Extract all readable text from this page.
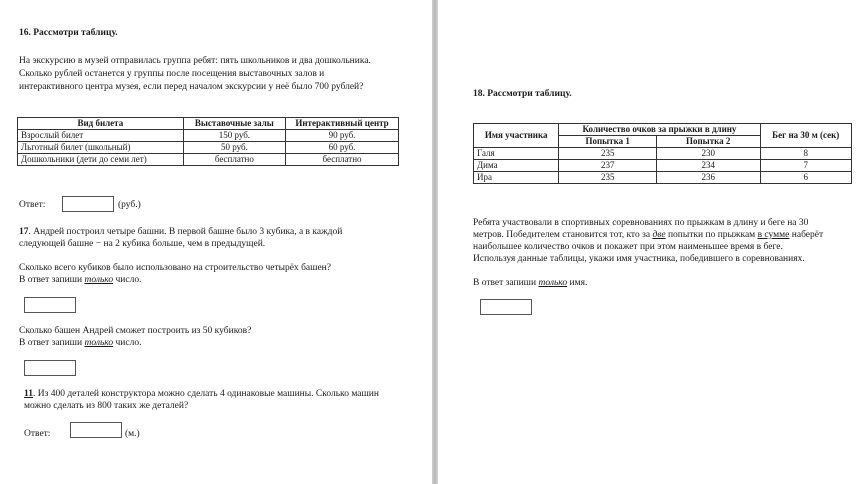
16. Рассмотри таблицу.
На экскурсию в музей отправилась группа ребят: пять школьников и два дошкольника.
Сколько рублей останется у группы после посещения выставочных залов и
интерактивного центра музея, если перед началом экскурсии у неё было 700 рублей?
Вид билета	Выставочные залы	Интерактивный центр
Взрослый билет	150 руб.	90 руб.
Льготный билет (школьный)	50 руб.	60 руб.
Дошкольники (дети до семи лет)	бесплатно	бесплатно
Ответ:	(руб.)
17. Андрей построил четыре башни. В первой башне было 3 кубика, а в каждой
следующей башне − на 2 кубика больше, чем в предыдущей.
Сколько всего кубиков было использовано на строительство четырёх башен?
В ответ запиши только число.
Сколько башен Андрей сможет построить из 50 кубиков?
В ответ запиши только число.
11. Из 400 деталей конструктора можно сделать 4 одинаковые машины. Сколько машин
можно сделать из 800 таких же деталей?
Ответ:	(м.)
18. Рассмотри таблицу.
Имя участника	Количество очков за прыжки в длину		Бег на 30 м (сек)
	Попытка 1	Попытка 2	
Галя	235	230	8
Дима	237	234	7
Ира	235	236	6
Ребята участвовали в спортивных соревнованиях по прыжкам в длину и беге на 30
метров. Победителем становится тот, кто за две попытки по прыжкам в сумме наберёт
наибольшее количество очков и покажет при этом наименьшее время в беге.
Используя данные таблицы, укажи имя участника, победившего в соревнованиях.
В ответ запиши только имя.
